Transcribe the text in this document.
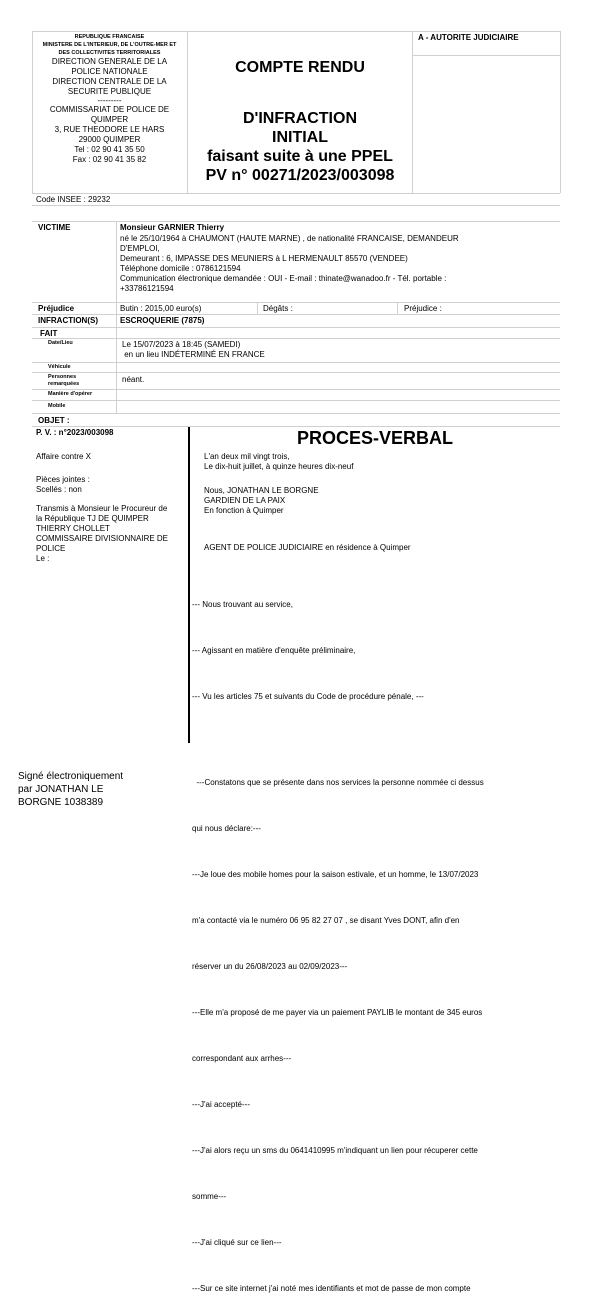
REPUBLIQUE FRANCAISE
MINISTERE DE L'INTERIEUR, DE L'OUTRE-MER ET
DES COLLECTIVITES TERRITORIALES
DIRECTION GENERALE DE LA
POLICE NATIONALE
DIRECTION CENTRALE DE LA
SECURITE PUBLIQUE
---------
COMMISSARIAT DE POLICE DE
QUIMPER
3, RUE THEODORE LE HARS
29000 QUIMPER
Tel : 02 90 41 35 50
Fax : 02 90 41 35 82
COMPTE RENDU
D'INFRACTION
INITIAL
faisant suite à une PPEL
PV n° 00271/2023/003098
A - AUTORITE JUDICIAIRE
Code INSEE : 29232
VICTIME	Monsieur GARNIER Thierry
né le 25/10/1964 à CHAUMONT (HAUTE MARNE) , de nationalité FRANCAISE, DEMANDEUR
D'EMPLOI,
Demeurant : 6, IMPASSE DES MEUNIERS à L HERMENAULT 85570 (VENDEE)
Téléphone domicile : 0786121594
Communication électronique demandée : OUI - E-mail : thinate@wanadoo.fr - Tél. portable :
+33786121594
Préjudice	Butin : 2015,00 euro(s)	Dégâts :	Préjudice :
INFRACTION(S)	ESCROQUERIE (7875)
FAIT
Date/Lieu	Le 15/07/2023 à 18:45 (SAMEDI)
en un lieu INDÉTERMINÉ EN FRANCE
Véhicule
Personnes
remarquées	néant.
Manière d'opérer
Mobile
OBJET :
P. V. : n°2023/003098	PROCES-VERBAL
Affaire contre X
Pièces jointes :
Scellés : non
Transmis à Monsieur le Procureur de
la République TJ DE QUIMPER
THIERRY CHOLLET
COMMISSAIRE DIVISIONNAIRE DE
POLICE
Le :
L'an deux mil vingt trois,
Le dix-huit juillet, à quinze heures dix-neuf
Nous, JONATHAN LE BORGNE
GARDIEN DE LA PAIX
En fonction à Quimper
AGENT DE POLICE JUDICIAIRE en résidence à Quimper

--- Nous trouvant au service,

--- Agissant en matière d'enquête préliminaire,

--- Vu les articles 75 et suivants du Code de procédure pénale, ---

---Constatons que se présente dans nos services la personne nommée ci dessus

qui nous déclare:---

---Je loue des mobile homes pour la saison estivale, et un homme, le 13/07/2023

m'a contacté via le numéro 06 95 82 27 07 , se disant Yves DONT, afin d'en

réserver un du 26/08/2023 au 02/09/2023---

---Elle m'a proposé de me payer via un paiement PAYLIB le montant de 345 euros

correspondant aux arrhes---

---J'ai accepté---

---J'ai alors reçu un sms du 0641410995 m'indiquant un lien pour récuperer cette

somme---

---J'ai cliqué sur ce lien---

---Sur ce site internet j'ai noté mes identifiants et mot de passe de mon compte

Signé électroniquement
par JONATHAN LE
BORGNE 1038389
